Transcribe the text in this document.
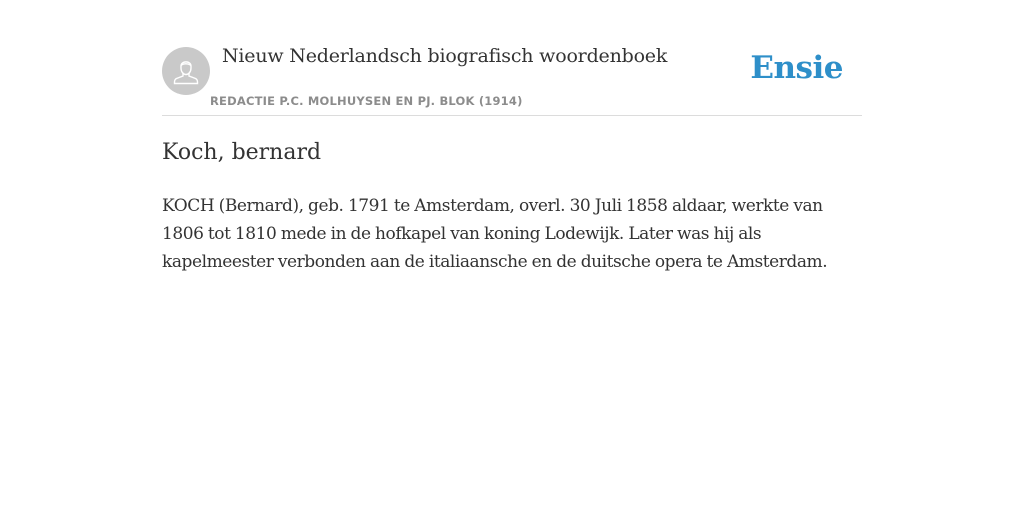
Nieuw Nederlandsch biografisch woordenboek
REDACTIE P.C. MOLHUYSEN EN PJ. BLOK (1914)
Ensie
Koch, bernard

KOCH (Bernard), geb. 1791 te Amsterdam, overl. 30 Juli 1858 aldaar, werkte van 1806 tot 1810 mede in de hofkapel van koning Lodewijk. Later was hij als kapelmeester verbonden aan de italiaansche en de duitsche opera te Amsterdam.
